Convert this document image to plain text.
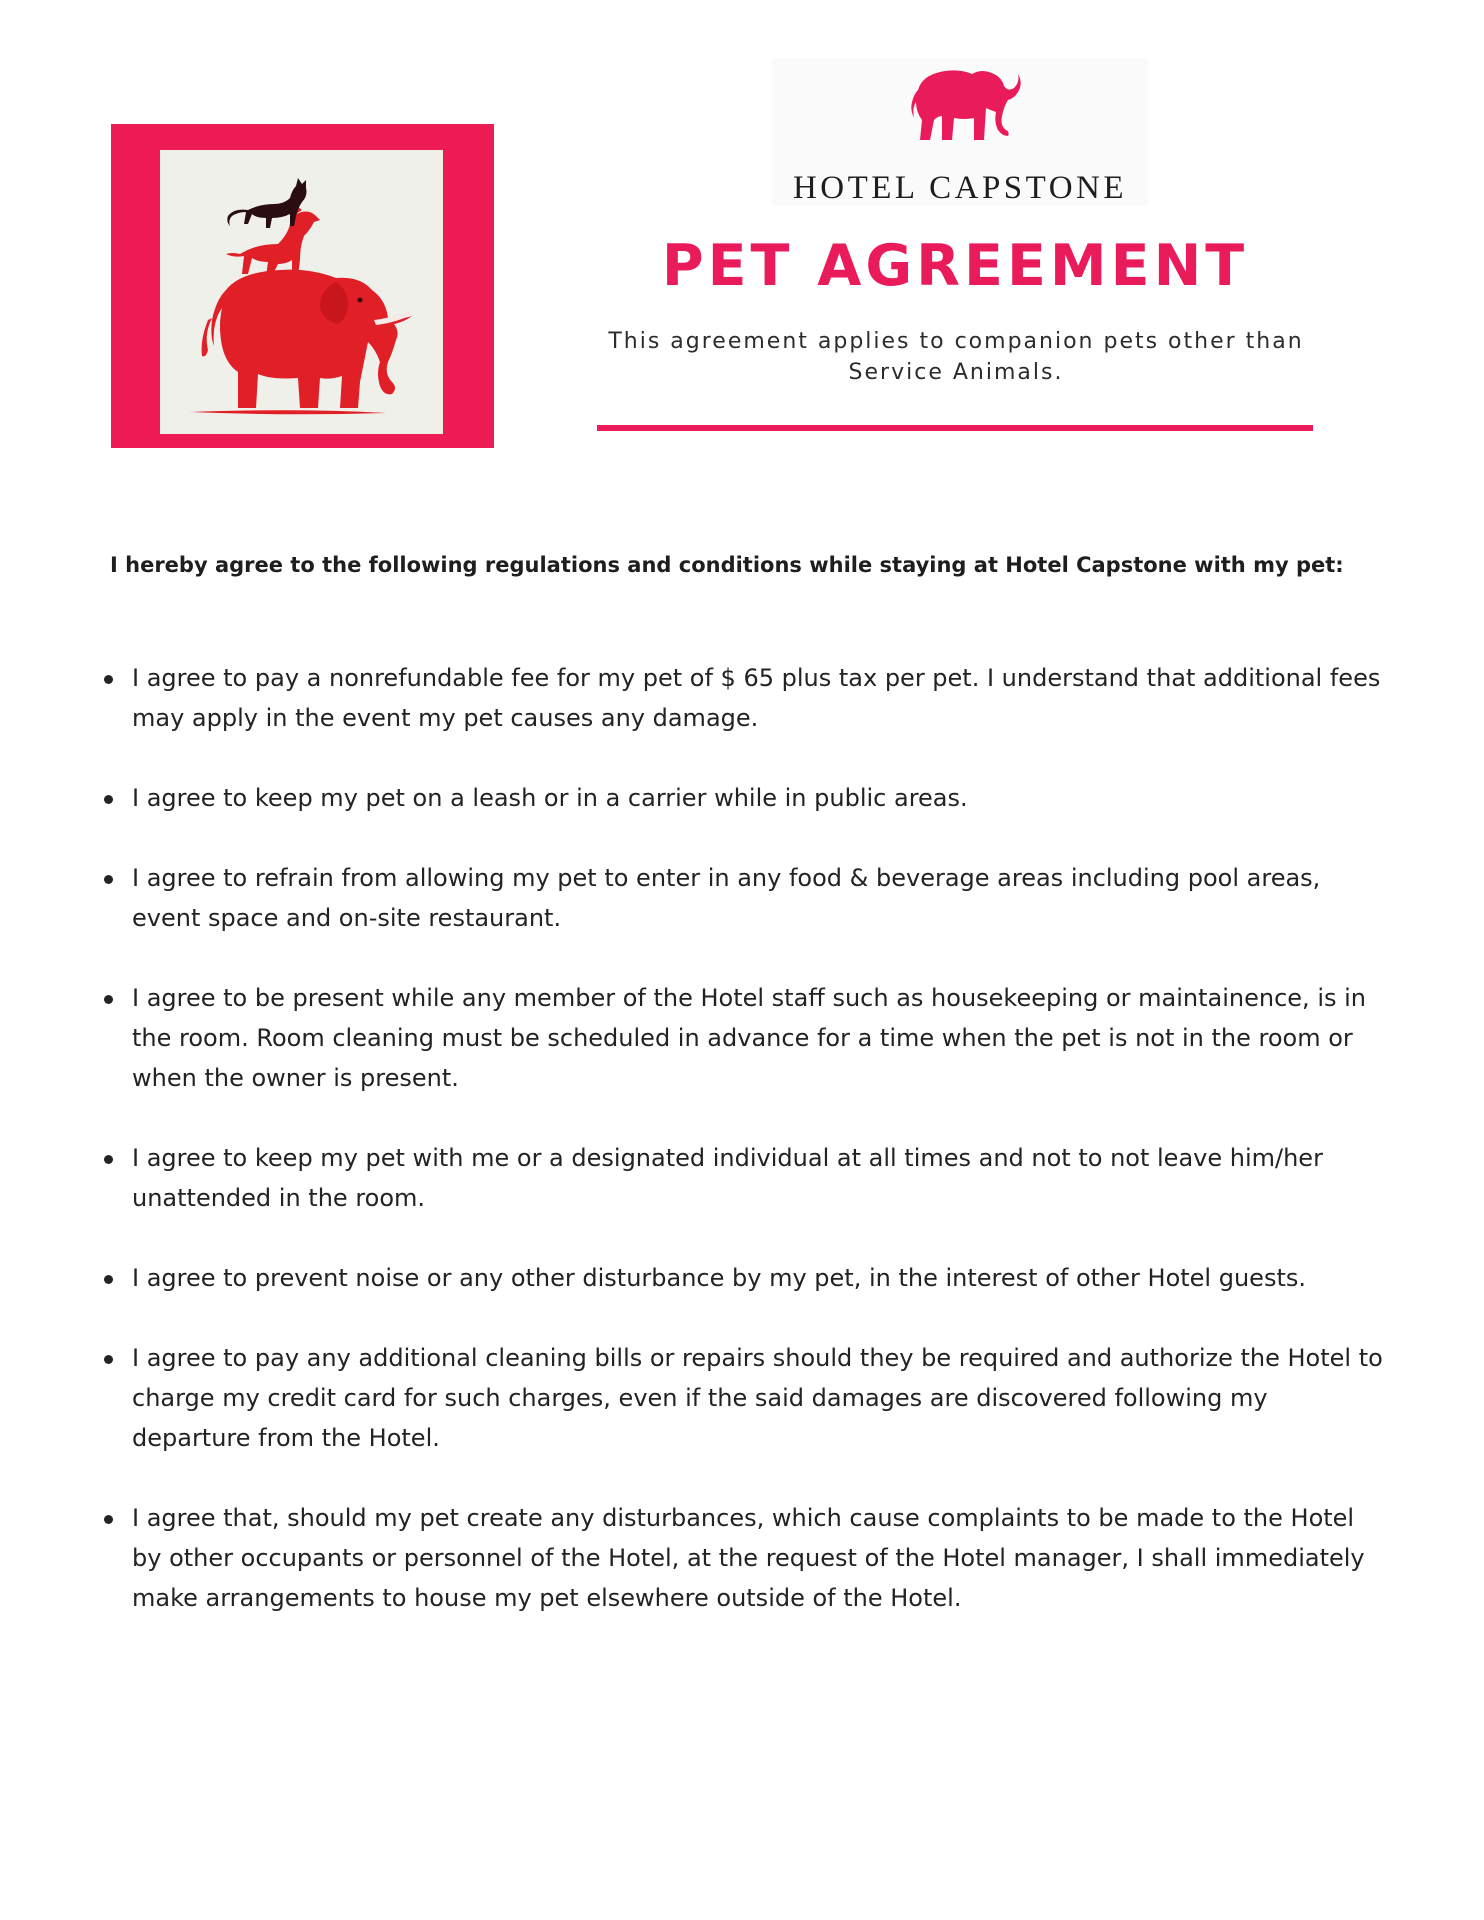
HOTEL CAPSTONE
PET AGREEMENT
This agreement applies to companion pets other than
Service Animals.
I hereby agree to the following regulations and conditions while staying at Hotel Capstone with my pet:
I agree to pay a nonrefundable fee for my pet of $ 65 plus tax per pet. I understand that additional fees may apply in the event my pet causes any damage.
I agree to keep my pet on a leash or in a carrier while in public areas.
I agree to refrain from allowing my pet to enter in any food & beverage areas including pool areas, event space and on-site restaurant.
I agree to be present while any member of the Hotel staff such as housekeeping or maintainence, is in the room. Room cleaning must be scheduled in advance for a time when the pet is not in the room or when the owner is present.
I agree to keep my pet with me or a designated individual at all times and not to not leave him/her unattended in the room.
I agree to prevent noise or any other disturbance by my pet, in the interest of other Hotel guests.
I agree to pay any additional cleaning bills or repairs should they be required and authorize the Hotel to charge my credit card for such charges, even if the said damages are discovered following my departure from the Hotel.
I agree that, should my pet create any disturbances, which cause complaints to be made to the Hotel by other occupants or personnel of the Hotel, at the request of the Hotel manager, I shall immediately make arrangements to house my pet elsewhere outside of the Hotel.
